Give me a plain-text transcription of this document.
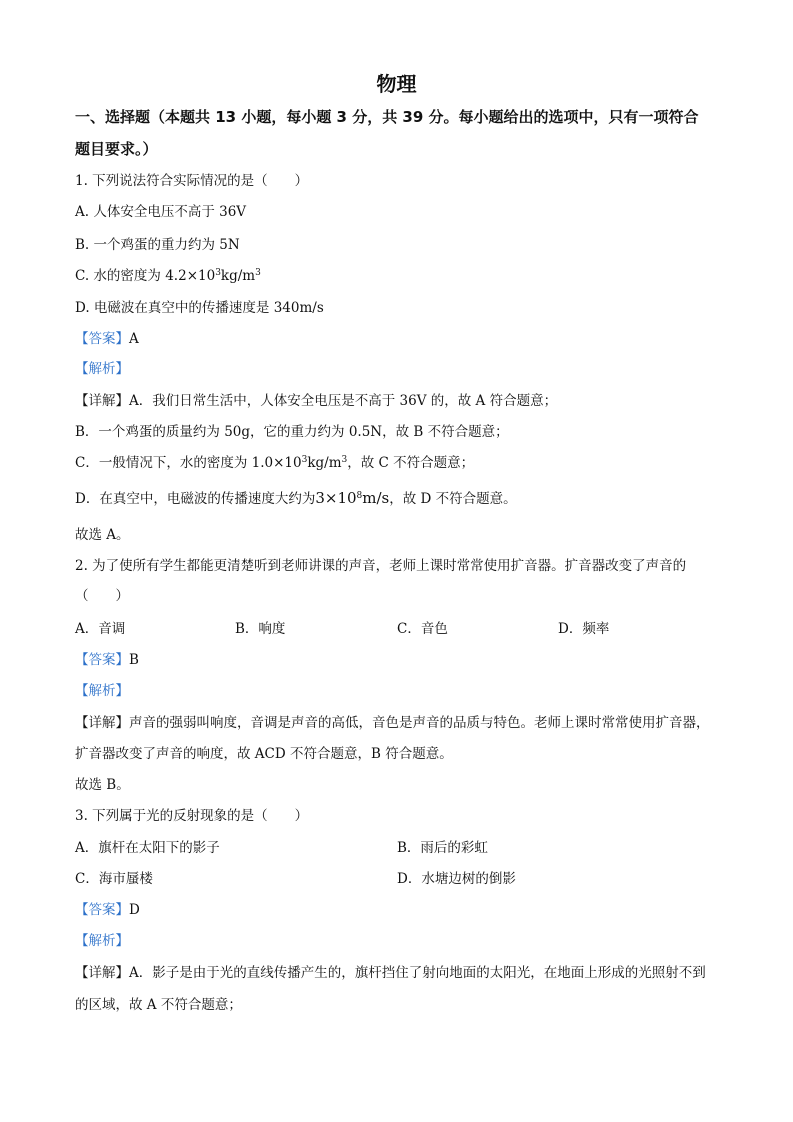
物理
一、选择题（本题共 13 小题，每小题 3 分，共 39 分。每小题给出的选项中，只有一项符合
题目要求。）
1. 下列说法符合实际情况的是（　　）
A. 人体安全电压不高于 36V
B. 一个鸡蛋的重力约为 5N
C. 水的密度为 $4.2\times 10^3kg/m^3$
D. 电磁波在真空中的传播速度是 340m/s
【答案】A
【解析】
【详解】A．我们日常生活中，人体安全电压是不高于 36V 的，故 A 符合题意；
B．一个鸡蛋的质量约为 50g，它的重力约为 0.5N，故 B 不符合题意；
C．一般情况下，水的密度为 $1.0\times 10^3kg/m^3$，故 C 不符合题意；
D．在真空中，电磁波的传播速度大约为$3\times 10^8m/s$，故 D 不符合题意。
故选 A。
2. 为了使所有学生都能更清楚听到老师讲课的声音，老师上课时常常使用扩音器。扩音器改变了声音的
（　　）
A．音调	B．响度	C．音色	D．频率
【答案】B
【解析】
【详解】声音的强弱叫响度，音调是声音的高低，音色是声音的品质与特色。老师上课时常常使用扩音器，
扩音器改变了声音的响度，故 ACD 不符合题意，B 符合题意。
故选 B。
3. 下列属于光的反射现象的是（　　）
A．旗杆在太阳下的影子	B．雨后的彩虹
C．海市蜃楼	D．水塘边树的倒影
【答案】D
【解析】
【详解】A．影子是由于光的直线传播产生的，旗杆挡住了射向地面的太阳光，在地面上形成的光照射不到
的区域，故 A 不符合题意；
